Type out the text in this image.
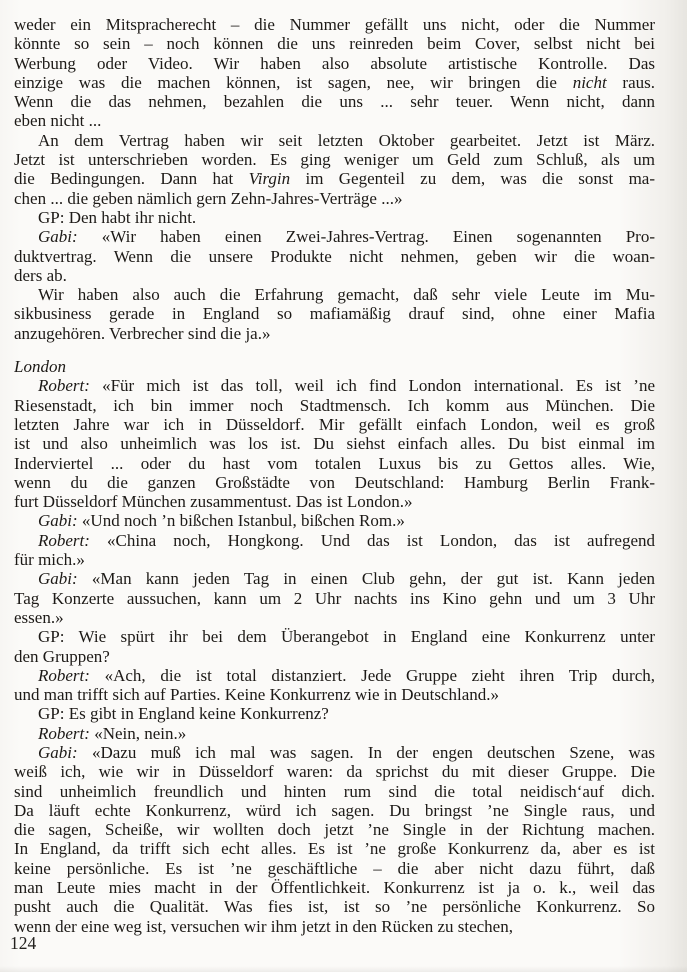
weder ein Mitspracherecht – die Nummer gefällt uns nicht, oder die Nummer
könnte so sein – noch können die uns reinreden beim Cover, selbst nicht bei
Werbung oder Video. Wir haben also absolute artistische Kontrolle. Das
einzige was die machen können, ist sagen, nee, wir bringen die nicht raus.
Wenn die das nehmen, bezahlen die uns ... sehr teuer. Wenn nicht, dann
eben nicht ...
An dem Vertrag haben wir seit letzten Oktober gearbeitet. Jetzt ist März.
Jetzt ist unterschrieben worden. Es ging weniger um Geld zum Schluß, als um
die Bedingungen. Dann hat Virgin im Gegenteil zu dem, was die sonst ma-
chen ... die geben nämlich gern Zehn-Jahres-Verträge ...»
GP: Den habt ihr nicht.
Gabi: «Wir haben einen Zwei-Jahres-Vertrag. Einen sogenannten Pro-
duktvertrag. Wenn die unsere Produkte nicht nehmen, geben wir die woan-
ders ab.
Wir haben also auch die Erfahrung gemacht, daß sehr viele Leute im Mu-
sikbusiness gerade in England so mafiamäßig drauf sind, ohne einer Mafia
anzugehören. Verbrecher sind die ja.»
London
Robert: «Für mich ist das toll, weil ich find London international. Es ist ’ne
Riesenstadt, ich bin immer noch Stadtmensch. Ich komm aus München. Die
letzten Jahre war ich in Düsseldorf. Mir gefällt einfach London, weil es groß
ist und also unheimlich was los ist. Du siehst einfach alles. Du bist einmal im
Inderviertel ... oder du hast vom totalen Luxus bis zu Gettos alles. Wie,
wenn du die ganzen Großstädte von Deutschland: Hamburg Berlin Frank-
furt Düsseldorf München zusammentust. Das ist London.»
Gabi: «Und noch ’n bißchen Istanbul, bißchen Rom.»
Robert: «China noch, Hongkong. Und das ist London, das ist aufregend
für mich.»
Gabi: «Man kann jeden Tag in einen Club gehn, der gut ist. Kann jeden
Tag Konzerte aussuchen, kann um 2 Uhr nachts ins Kino gehn und um 3 Uhr
essen.»
GP: Wie spürt ihr bei dem Überangebot in England eine Konkurrenz unter
den Gruppen?
Robert: «Ach, die ist total distanziert. Jede Gruppe zieht ihren Trip durch,
und man trifft sich auf Parties. Keine Konkurrenz wie in Deutschland.»
GP: Es gibt in England keine Konkurrenz?
Robert: «Nein, nein.»
Gabi: «Dazu muß ich mal was sagen. In der engen deutschen Szene, was
weiß ich, wie wir in Düsseldorf waren: da sprichst du mit dieser Gruppe. Die
sind unheimlich freundlich und hinten rum sind die total neidisch‘auf dich.
Da läuft echte Konkurrenz, würd ich sagen. Du bringst ’ne Single raus, und
die sagen, Scheiße, wir wollten doch jetzt ’ne Single in der Richtung machen.
In England, da trifft sich echt alles. Es ist ’ne große Konkurrenz da, aber es ist
keine persönliche. Es ist ’ne geschäftliche – die aber nicht dazu führt, daß
man Leute mies macht in der Öffentlichkeit. Konkurrenz ist ja o. k., weil das
pusht auch die Qualität. Was fies ist, ist so ’ne persönliche Konkurrenz. So
wenn der eine weg ist, versuchen wir ihm jetzt in den Rücken zu stechen,
124
